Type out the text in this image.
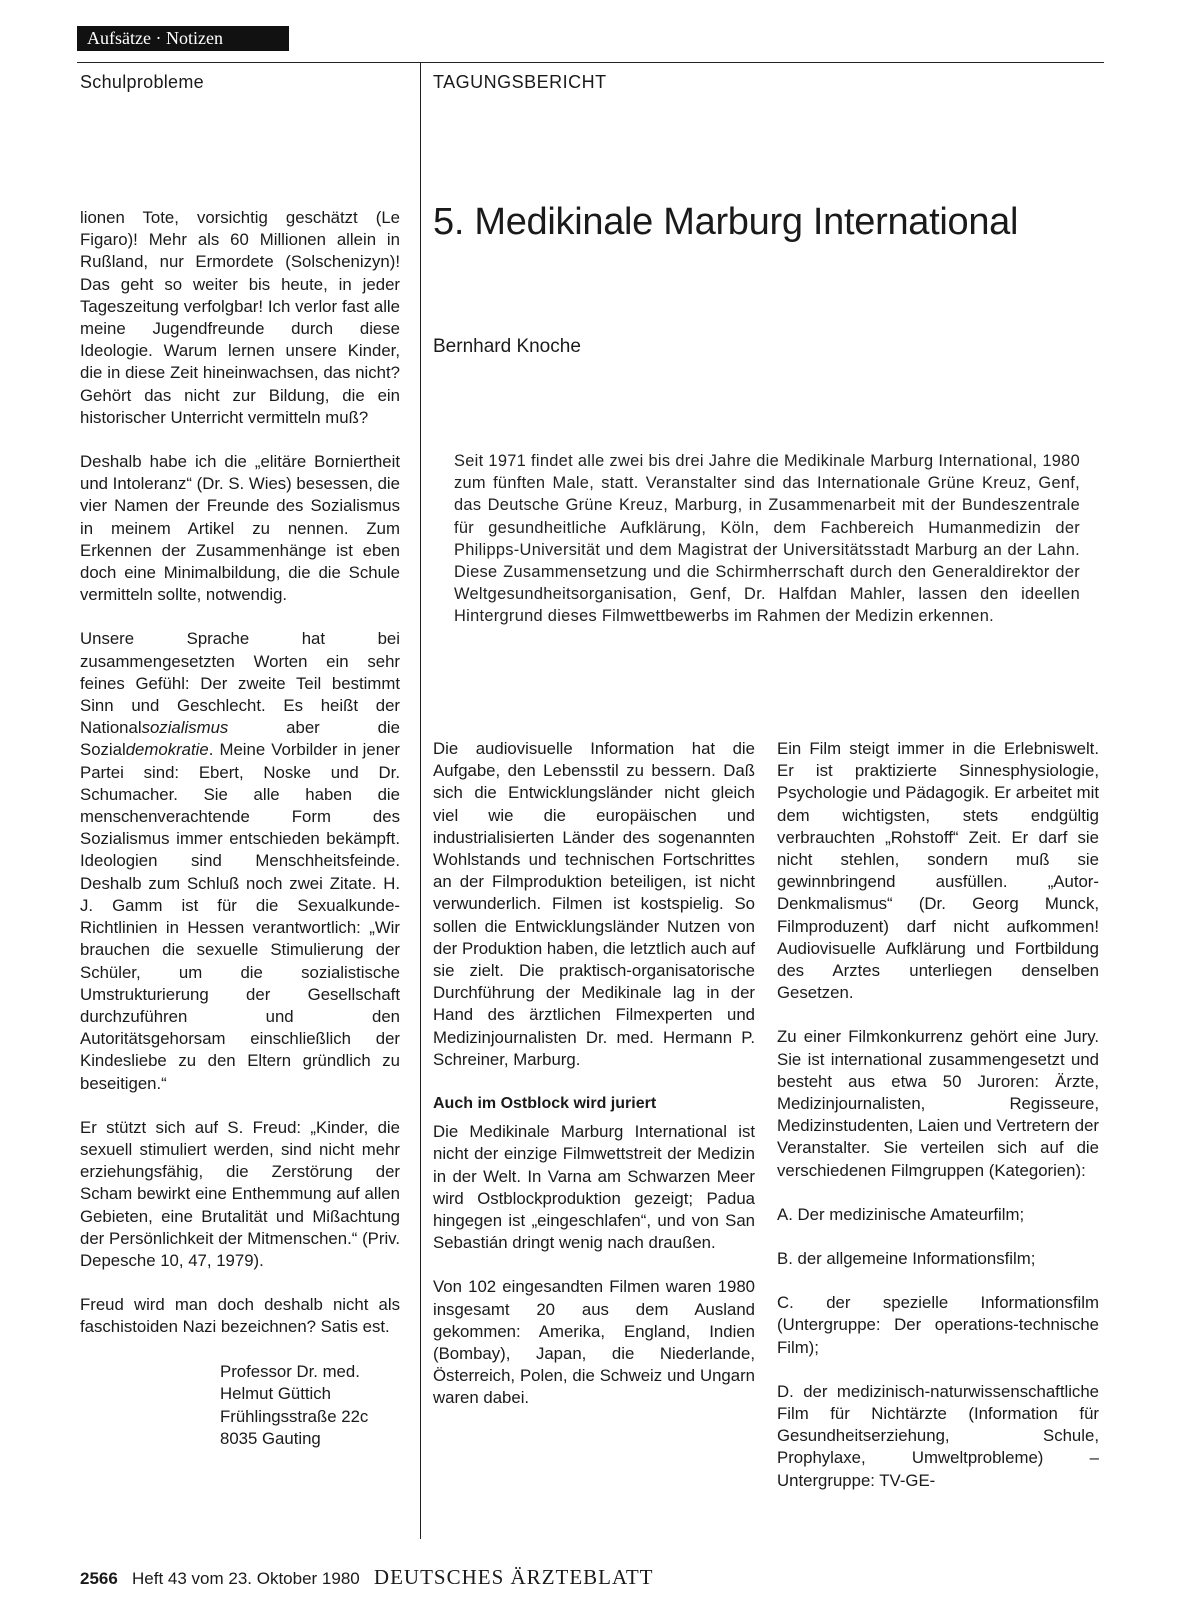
Aufsätze · Notizen
Schulprobleme	TAGUNGSBERICHT
5. Medikinale Marburg International
Bernhard Knoche
Seit 1971 findet alle zwei bis drei Jahre die Medikinale Marburg International, 1980 zum fünften Male, statt. Veranstalter sind das Internationale Grüne Kreuz, Genf, das Deutsche Grüne Kreuz, Marburg, in Zusammenarbeit mit der Bundeszentrale für gesundheitliche Aufklärung, Köln, dem Fachbereich Humanmedizin der Philipps-Universität und dem Magistrat der Universitätsstadt Marburg an der Lahn. Diese Zusammensetzung und die Schirmherrschaft durch den Generaldirektor der Weltgesundheitsorganisation, Genf, Dr. Halfdan Mahler, lassen den ideellen Hintergrund dieses Filmwettbewerbs im Rahmen der Medizin erkennen.

lionen Tote, vorsichtig geschätzt (Le Figaro)! Mehr als 60 Millionen allein in Rußland, nur Ermordete (Solschenizyn)! Das geht so weiter bis heute, in jeder Tageszeitung verfolgbar! Ich verlor fast alle meine Jugendfreunde durch diese Ideologie. Warum lernen unsere Kinder, die in diese Zeit hineinwachsen, das nicht? Gehört das nicht zur Bildung, die ein historischer Unterricht vermitteln muß?

Deshalb habe ich die „elitäre Borniertheit und Intoleranz“ (Dr. S. Wies) besessen, die vier Namen der Freunde des Sozialismus in meinem Artikel zu nennen. Zum Erkennen der Zusammenhänge ist eben doch eine Minimalbildung, die die Schule vermitteln sollte, notwendig.

Unsere Sprache hat bei zusammengesetzten Worten ein sehr feines Gefühl: Der zweite Teil bestimmt Sinn und Geschlecht. Es heißt der Nationalsozialismus aber die Sozialdemokratie. Meine Vorbilder in jener Partei sind: Ebert, Noske und Dr. Schumacher. Sie alle haben die menschenverachtende Form des Sozialismus immer entschieden bekämpft. Ideologien sind Menschheitsfeinde. Deshalb zum Schluß noch zwei Zitate. H. J. Gamm ist für die Sexualkunde-Richtlinien in Hessen verantwortlich: „Wir brauchen die sexuelle Stimulierung der Schüler, um die sozialistische Umstrukturierung der Gesellschaft durchzuführen und den Autoritätsgehorsam einschließlich der Kindesliebe zu den Eltern gründlich zu beseitigen.“

Er stützt sich auf S. Freud: „Kinder, die sexuell stimuliert werden, sind nicht mehr erziehungsfähig, die Zerstörung der Scham bewirkt eine Enthemmung auf allen Gebieten, eine Brutalität und Mißachtung der Persönlichkeit der Mitmenschen.“ (Priv. Depesche 10, 47, 1979).

Freud wird man doch deshalb nicht als faschistoiden Nazi bezeichnen? Satis est.

Professor Dr. med.
Helmut Güttich
Frühlingsstraße 22c
8035 Gauting

Die audiovisuelle Information hat die Aufgabe, den Lebensstil zu bessern. Daß sich die Entwicklungsländer nicht gleich viel wie die europäischen und industrialisierten Länder des sogenannten Wohlstands und technischen Fortschrittes an der Filmproduktion beteiligen, ist nicht verwunderlich. Filmen ist kostspielig. So sollen die Entwicklungsländer Nutzen von der Produktion haben, die letztlich auch auf sie zielt. Die praktisch-organisatorische Durchführung der Medikinale lag in der Hand des ärztlichen Filmexperten und Medizinjournalisten Dr. med. Hermann P. Schreiner, Marburg.

Auch im Ostblock wird juriert

Die Medikinale Marburg International ist nicht der einzige Filmwettstreit der Medizin in der Welt. In Varna am Schwarzen Meer wird Ostblockproduktion gezeigt; Padua hingegen ist „eingeschlafen“, und von San Sebastián dringt wenig nach draußen.

Von 102 eingesandten Filmen waren 1980 insgesamt 20 aus dem Ausland gekommen: Amerika, England, Indien (Bombay), Japan, die Niederlande, Österreich, Polen, die Schweiz und Ungarn waren dabei.

Ein Film steigt immer in die Erlebniswelt. Er ist praktizierte Sinnesphysiologie, Psychologie und Pädagogik. Er arbeitet mit dem wichtigsten, stets endgültig verbrauchten „Rohstoff“ Zeit. Er darf sie nicht stehlen, sondern muß sie gewinnbringend ausfüllen. „Autor-Denkmalismus“ (Dr. Georg Munck, Filmproduzent) darf nicht aufkommen! Audiovisuelle Aufklärung und Fortbildung des Arztes unterliegen denselben Gesetzen.

Zu einer Filmkonkurrenz gehört eine Jury. Sie ist international zusammengesetzt und besteht aus etwa 50 Juroren: Ärzte, Medizinjournalisten, Regisseure, Medizinstudenten, Laien und Vertretern der Veranstalter. Sie verteilen sich auf die verschiedenen Filmgruppen (Kategorien):

A. Der medizinische Amateurfilm;

B. der allgemeine Informationsfilm;

C. der spezielle Informationsfilm (Untergruppe: Der operations-technische Film);

D. der medizinisch-naturwissenschaftliche Film für Nichtärzte (Information für Gesundheitserziehung, Schule, Prophylaxe, Umweltprobleme) – Untergruppe: TV-GE-

2566 Heft 43 vom 23. Oktober 1980 DEUTSCHES ÄRZTEBLATT
